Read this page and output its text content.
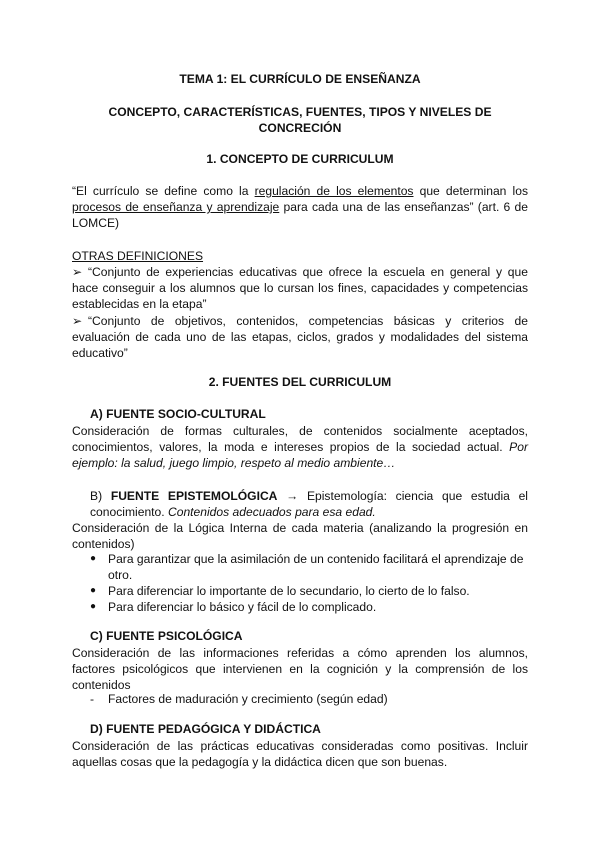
TEMA 1: EL CURRÍCULO DE ENSEÑANZA
CONCEPTO, CARACTERÍSTICAS, FUENTES, TIPOS Y NIVELES DE CONCRECIÓN
1. CONCEPTO DE CURRICULUM
“El currículo se define como la regulación de los elementos que determinan los procesos de enseñanza y aprendizaje para cada una de las enseñanzas” (art. 6 de LOMCE)
OTRAS DEFINICIONES
➢ “Conjunto de experiencias educativas que ofrece la escuela en general y que hace conseguir a los alumnos que lo cursan los fines, capacidades y competencias establecidas en la etapa”
➢ “Conjunto de objetivos, contenidos, competencias básicas y criterios de evaluación de cada uno de las etapas, ciclos, grados y modalidades del sistema educativo”
2. FUENTES DEL CURRICULUM
A) FUENTE SOCIO-CULTURAL
Consideración de formas culturales, de contenidos socialmente aceptados, conocimientos, valores, la moda e intereses propios de la sociedad actual. Por ejemplo: la salud, juego limpio, respeto al medio ambiente…
B) FUENTE EPISTEMOLÓGICA → Epistemología: ciencia que estudia el conocimiento. Contenidos adecuados para esa edad.
Consideración de la Lógica Interna de cada materia (analizando la progresión en contenidos)
● Para garantizar que la asimilación de un contenido facilitará el aprendizaje de otro.
● Para diferenciar lo importante de lo secundario, lo cierto de lo falso.
● Para diferenciar lo básico y fácil de lo complicado.
C) FUENTE PSICOLÓGICA
Consideración de las informaciones referidas a cómo aprenden los alumnos, factores psicológicos que intervienen en la cognición y la comprensión de los contenidos
- Factores de maduración y crecimiento (según edad)
D) FUENTE PEDAGÓGICA Y DIDÁCTICA
Consideración de las prácticas educativas consideradas como positivas. Incluir aquellas cosas que la pedagogía y la didáctica dicen que son buenas.
